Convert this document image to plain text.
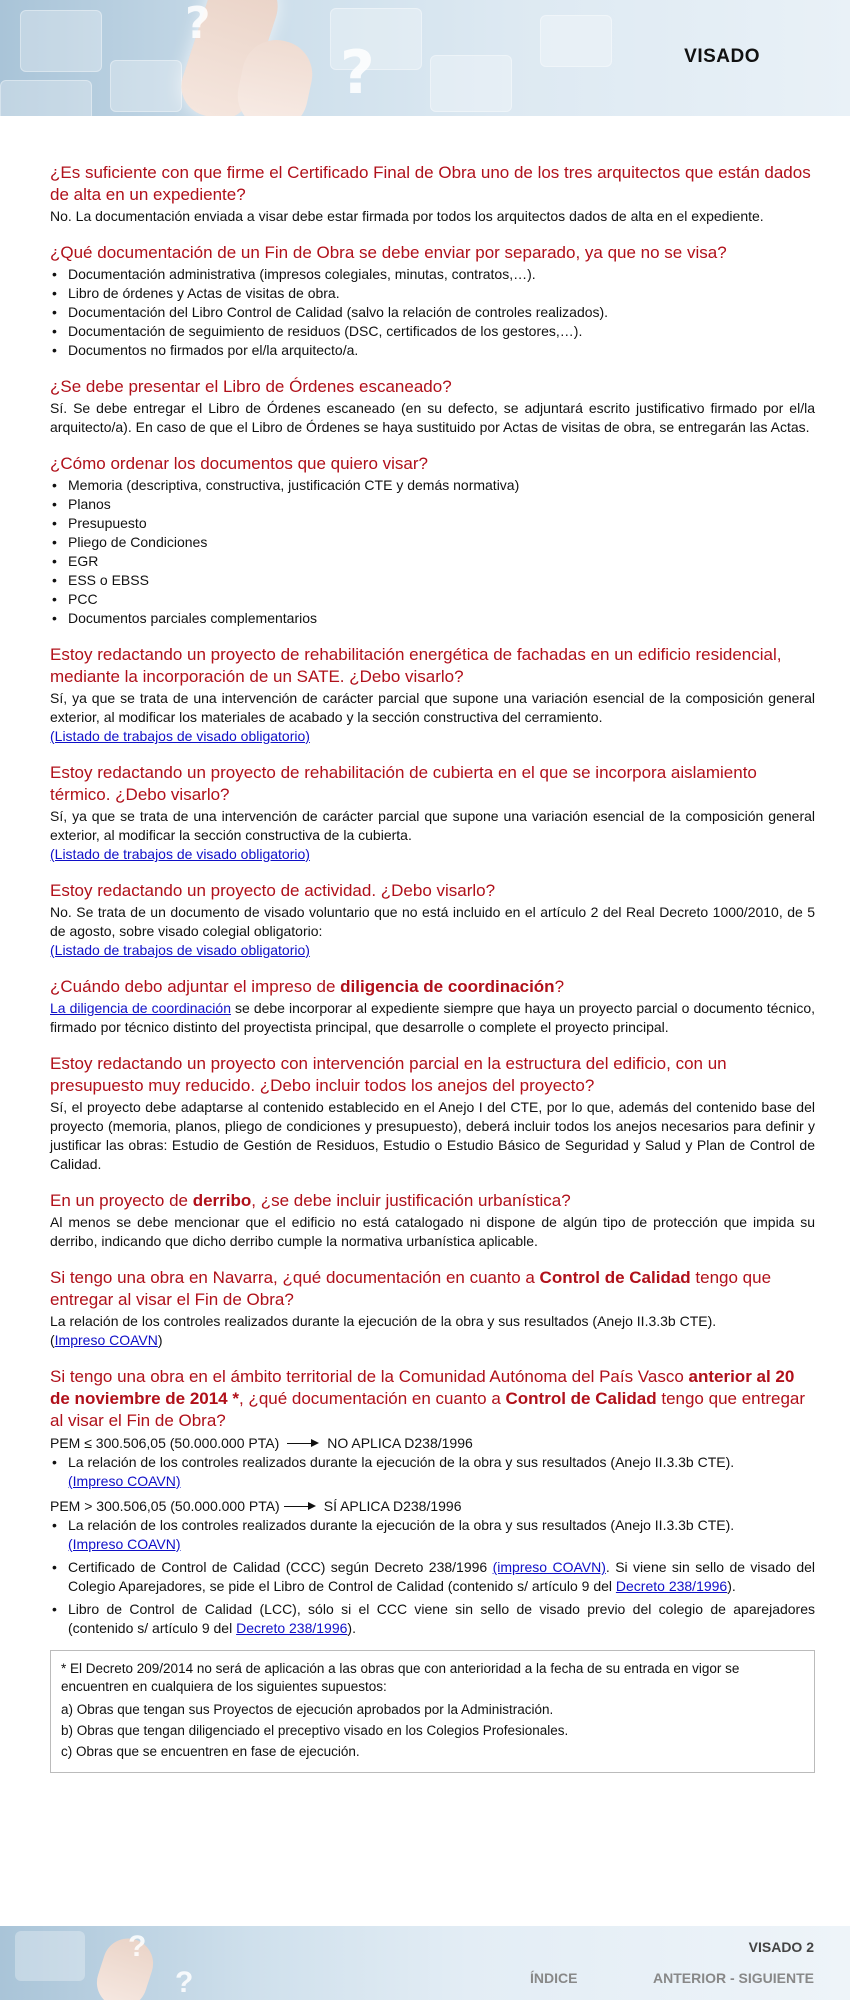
?
?	VISADO
¿Es suficiente con que firme el Certificado Final de Obra uno de los tres arquitectos que están dados de alta en un expediente?

No. La documentación enviada a visar debe estar firmada por todos los arquitectos dados de alta en el expediente.

¿Qué documentación de un Fin de Obra se debe enviar por separado, ya que no se visa?
• Documentación administrativa (impresos colegiales, minutas, contratos,…).
• Libro de órdenes y Actas de visitas de obra.
• Documentación del Libro Control de Calidad (salvo la relación de controles realizados).
• Documentación de seguimiento de residuos (DSC, certificados de los gestores,…).
• Documentos no firmados por el/la arquitecto/a.
¿Se debe presentar el Libro de Órdenes escaneado?

Sí. Se debe entregar el Libro de Órdenes escaneado (en su defecto, se adjuntará escrito justificativo firmado por el/la arquitecto/a). En caso de que el Libro de Órdenes se haya sustituido por Actas de visitas de obra, se entregarán las Actas.

¿Cómo ordenar los documentos que quiero visar?
• Memoria (descriptiva, constructiva, justificación CTE y demás normativa)
• Planos
• Presupuesto
• Pliego de Condiciones
• EGR
• ESS o EBSS
• PCC
• Documentos parciales complementarios
Estoy redactando un proyecto de rehabilitación energética de fachadas en un edificio residencial, mediante la incorporación de un SATE. ¿Debo visarlo?

Sí, ya que se trata de una intervención de carácter parcial que supone una variación esencial de la composición general exterior, al modificar los materiales de acabado y la sección constructiva del cerramiento.

(Listado de trabajos de visado obligatorio)
Estoy redactando un proyecto de rehabilitación de cubierta en el que se incorpora aislamiento térmico. ¿Debo visarlo?

Sí, ya que se trata de una intervención de carácter parcial que supone una variación esencial de la composición general exterior, al modificar la sección constructiva de la cubierta.

(Listado de trabajos de visado obligatorio)
Estoy redactando un proyecto de actividad. ¿Debo visarlo?

No. Se trata de un documento de visado voluntario que no está incluido en el artículo 2 del Real Decreto 1000/2010, de 5 de agosto, sobre visado colegial obligatorio:

(Listado de trabajos de visado obligatorio)
¿Cuándo debo adjuntar el impreso de diligencia de coordinación?

La diligencia de coordinación se debe incorporar al expediente siempre que haya un proyecto parcial o documento técnico, firmado por técnico distinto del proyectista principal, que desarrolle o complete el proyecto principal.

Estoy redactando un proyecto con intervención parcial en la estructura del edificio, con un presupuesto muy reducido. ¿Debo incluir todos los anejos del proyecto?

Sí, el proyecto debe adaptarse al contenido establecido en el Anejo I del CTE, por lo que, además del contenido base del proyecto (memoria, planos, pliego de condiciones y presupuesto), deberá incluir todos los anejos necesarios para definir y justificar las obras: Estudio de Gestión de Residuos, Estudio o Estudio Básico de Seguridad y Salud y Plan de Control de Calidad.

En un proyecto de derribo, ¿se debe incluir justificación urbanística?

Al menos se debe mencionar que el edificio no está catalogado ni dispone de algún tipo de protección que impida su derribo, indicando que dicho derribo cumple la normativa urbanística aplicable.

Si tengo una obra en Navarra, ¿qué documentación en cuanto a Control de Calidad tengo que entregar al visar el Fin de Obra?

La relación de los controles realizados durante la ejecución de la obra y sus resultados (Anejo II.3.3b CTE).

(Impreso COAVN)
Si tengo una obra en el ámbito territorial de la Comunidad Autónoma del País Vasco anterior al 20 de noviembre de 2014 *, ¿qué documentación en cuanto a Control de Calidad tengo que entregar al visar el Fin de Obra?
PEM ≤ 300.506,05 (50.000.000 PTA)	NO APLICA D238/1996
• La relación de los controles realizados durante la ejecución de la obra y sus resultados (Anejo II.3.3b CTE).
(Impreso COAVN)
PEM > 300.506,05 (50.000.000 PTA)	SÍ APLICA D238/1996
• La relación de los controles realizados durante la ejecución de la obra y sus resultados (Anejo II.3.3b CTE).
(Impreso COAVN)
• Certificado de Control de Calidad (CCC) según Decreto 238/1996 (impreso COAVN). Si viene sin sello de visado del Colegio Aparejadores, se pide el Libro de Control de Calidad (contenido s/ artículo 9 del Decreto 238/1996).
• Libro de Control de Calidad (LCC), sólo si el CCC viene sin sello de visado previo del colegio de aparejadores (contenido s/ artículo 9 del Decreto 238/1996).
* El Decreto 209/2014 no será de aplicación a las obras que con anterioridad a la fecha de su entrada en vigor se encuentren en cualquiera de los siguientes supuestos:
a) Obras que tengan sus Proyectos de ejecución aprobados por la Administración.
b) Obras que tengan diligenciado el preceptivo visado en los Colegios Profesionales.
c) Obras que se encuentren en fase de ejecución.
?
?
VISADO 2
ÍNDICE	ANTERIOR - SIGUIENTE
